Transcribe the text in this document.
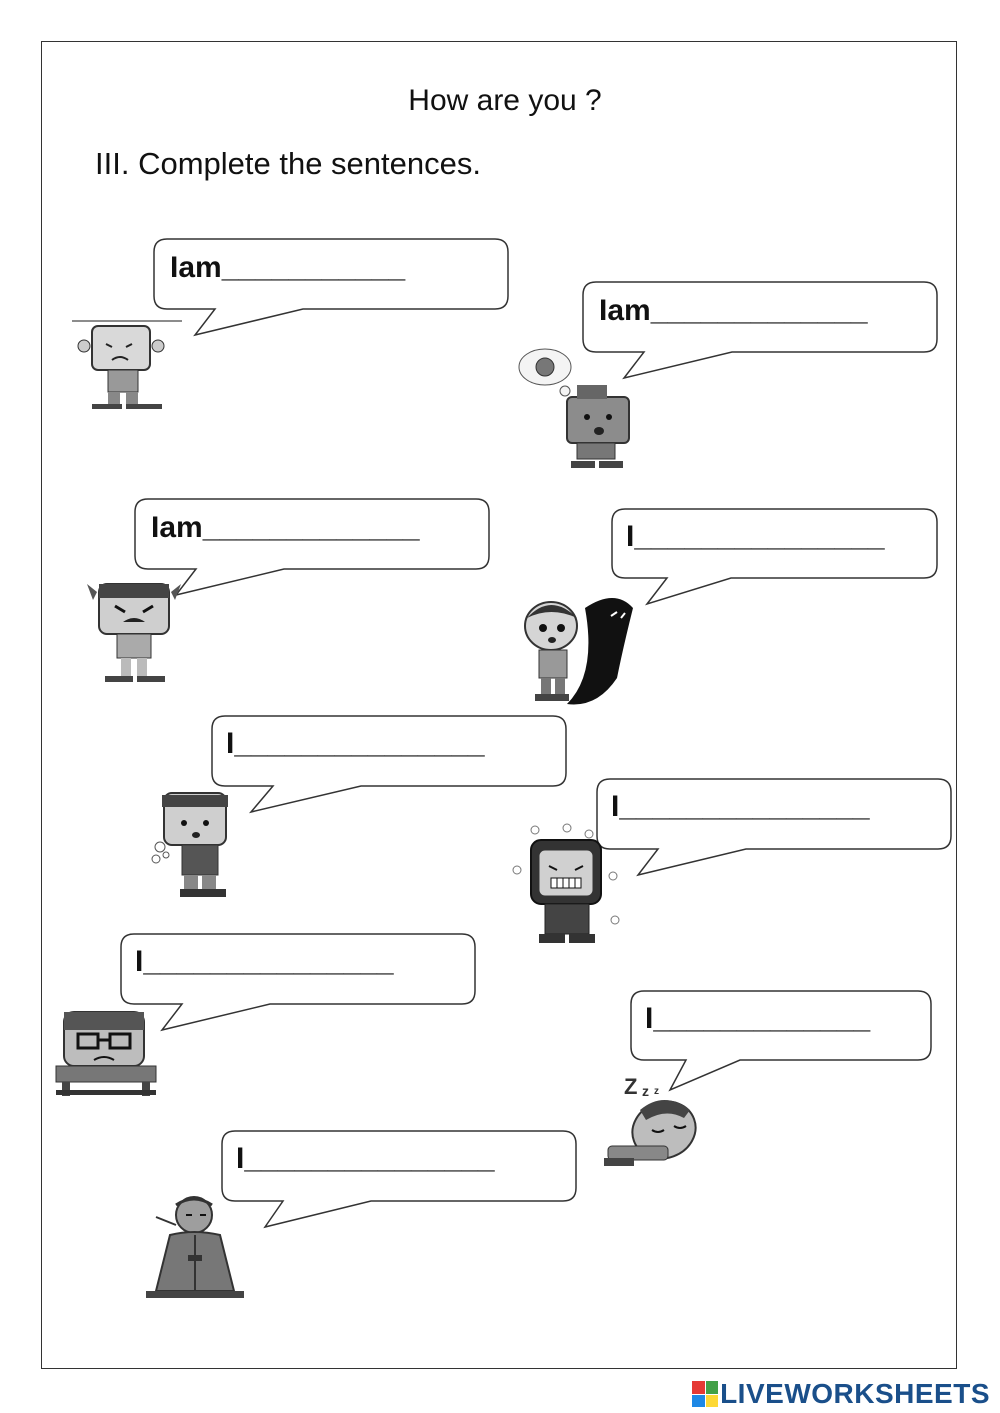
How are you ?
III. Complete the sentences.
Iam___________
Iam_____________
Iam_____________	I_______________
I_______________
I_______________
I_______________
I_____________
I_______________
Z z z
LIVEWORKSHEETS
